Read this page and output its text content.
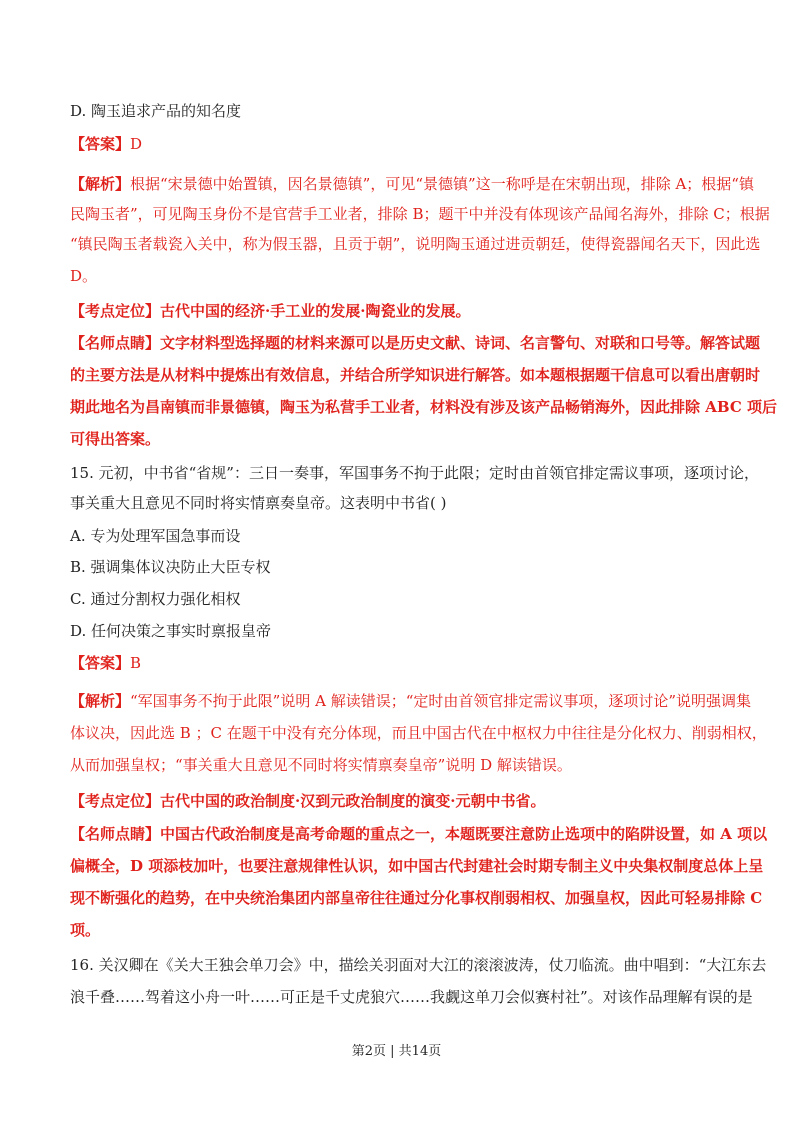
D. 陶玉追求产品的知名度
【答案】D
【解析】根据“宋景德中始置镇，因名景德镇”，可见“景德镇”这一称呼是在宋朝出现，排除 A；根据“镇
民陶玉者”，可见陶玉身份不是官营手工业者，排除 B；题干中并没有体现该产品闻名海外，排除 C；根据
“镇民陶玉者载瓷入关中，称为假玉器，且贡于朝”，说明陶玉通过进贡朝廷，使得瓷器闻名天下，因此选
D。
【考点定位】古代中国的经济·手工业的发展·陶瓷业的发展。
【名师点睛】文字材料型选择题的材料来源可以是历史文献、诗词、名言警句、对联和口号等。解答试题
的主要方法是从材料中提炼出有效信息，并结合所学知识进行解答。如本题根据题干信息可以看出唐朝时
期此地名为昌南镇而非景德镇，陶玉为私营手工业者，材料没有涉及该产品畅销海外，因此排除 ABC 项后
可得出答案。
15. 元初，中书省“省规”：三日一奏事，军国事务不拘于此限；定时由首领官排定需议事项，逐项讨论，
事关重大且意见不同时将实情禀奏皇帝。这表明中书省( )
A. 专为处理军国急事而设
B. 强调集体议决防止大臣专权
C. 通过分割权力强化相权
D. 任何决策之事实时禀报皇帝
【答案】B
【解析】“军国事务不拘于此限”说明 A 解读错误；“定时由首领官排定需议事项，逐项讨论”说明强调集
体议决，因此选 B ；C 在题干中没有充分体现，而且中国古代在中枢权力中往往是分化权力、削弱相权，
从而加强皇权；“事关重大且意见不同时将实情禀奏皇帝”说明 D 解读错误。
【考点定位】古代中国的政治制度·汉到元政治制度的演变·元朝中书省。
【名师点睛】中国古代政治制度是高考命题的重点之一，本题既要注意防止选项中的陷阱设置，如 A 项以
偏概全，D 项添枝加叶，也要注意规律性认识，如中国古代封建社会时期专制主义中央集权制度总体上呈
现不断强化的趋势，在中央统治集团内部皇帝往往通过分化事权削弱相权、加强皇权，因此可轻易排除 C
项。
16. 关汉卿在《关大王独会单刀会》中，描绘关羽面对大江的滚滚波涛，仗刀临流。曲中唱到：“大江东去
浪千叠……驾着这小舟一叶……可正是千丈虎狼穴……我觑这单刀会似赛村社”。对该作品理解有误的是
第2页 | 共14页
